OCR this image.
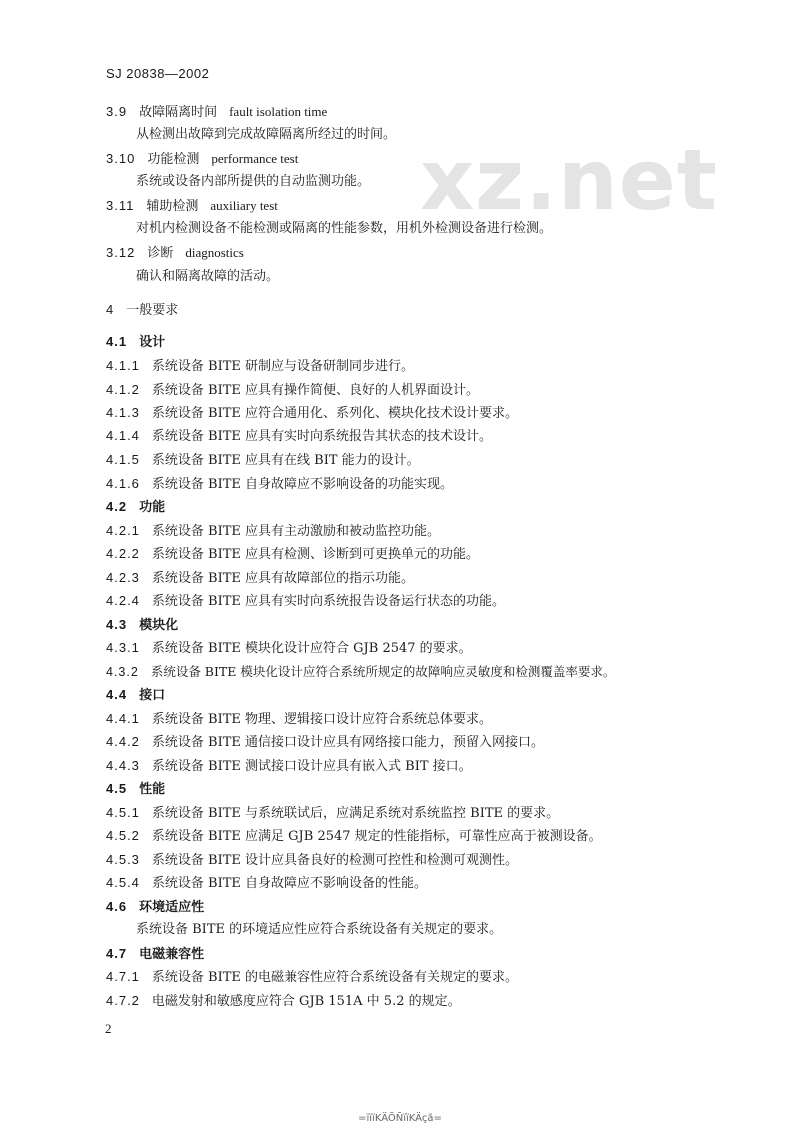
SJ 20838—2002
xz.net
3.9 故障隔离时间 fault isolation time
从检测出故障到完成故障隔离所经过的时间。
3.10 功能检测 performance test
系统或设备内部所提供的自动监测功能。
3.11 辅助检测 auxiliary test
对机内检测设备不能检测或隔离的性能参数，用机外检测设备进行检测。
3.12 诊断 diagnostics
确认和隔离故障的活动。
4 一般要求
4.1 设计
4.1.1 系统设备 BITE 研制应与设备研制同步进行。
4.1.2 系统设备 BITE 应具有操作简便、良好的人机界面设计。
4.1.3 系统设备 BITE 应符合通用化、系列化、模块化技术设计要求。
4.1.4 系统设备 BITE 应具有实时向系统报告其状态的技术设计。
4.1.5 系统设备 BITE 应具有在线 BIT 能力的设计。
4.1.6 系统设备 BITE 自身故障应不影响设备的功能实现。
4.2 功能
4.2.1 系统设备 BITE 应具有主动激励和被动监控功能。
4.2.2 系统设备 BITE 应具有检测、诊断到可更换单元的功能。
4.2.3 系统设备 BITE 应具有故障部位的指示功能。
4.2.4 系统设备 BITE 应具有实时向系统报告设备运行状态的功能。
4.3 模块化
4.3.1 系统设备 BITE 模块化设计应符合 GJB 2547 的要求。
4.3.2 系统设备 BITE 模块化设计应符合系统所规定的故障响应灵敏度和检测覆盖率要求。
4.4 接口
4.4.1 系统设备 BITE 物理、逻辑接口设计应符合系统总体要求。
4.4.2 系统设备 BITE 通信接口设计应具有网络接口能力，预留入网接口。
4.4.3 系统设备 BITE 测试接口设计应具有嵌入式 BIT 接口。
4.5 性能
4.5.1 系统设备 BITE 与系统联试后，应满足系统对系统监控 BITE 的要求。
4.5.2 系统设备 BITE 应满足 GJB 2547 规定的性能指标，可靠性应高于被测设备。
4.5.3 系统设备 BITE 设计应具备良好的检测可控性和检测可观测性。
4.5.4 系统设备 BITE 自身故障应不影响设备的性能。
4.6 环境适应性
系统设备 BITE 的环境适应性应符合系统设备有关规定的要求。
4.7 电磁兼容性
4.7.1 系统设备 BITE 的电磁兼容性应符合系统设备有关规定的要求。
4.7.2 电磁发射和敏感度应符合 GJB 151A 中 5.2 的规定。
2
=ïïïKÄÕÑïïKÄçã=
